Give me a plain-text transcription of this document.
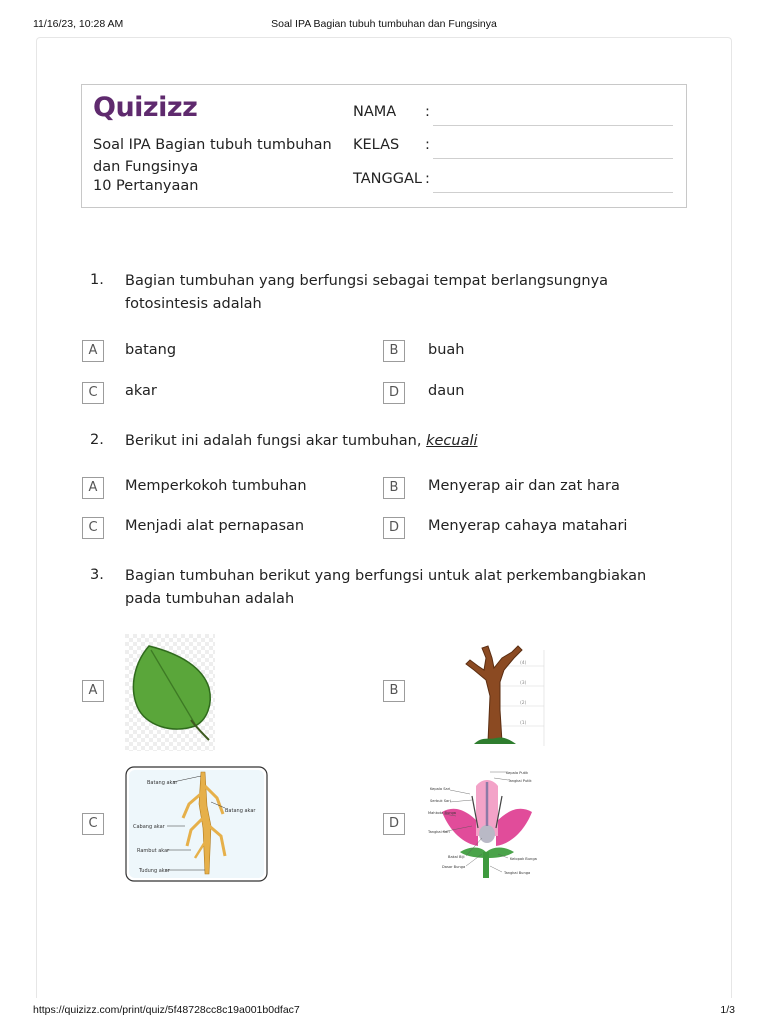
11/16/23, 10:28 AM	Soal IPA Bagian tubuh tumbuhan dan Fungsinya
Quizizz
Soal IPA Bagian tubuh tumbuhan dan Fungsinya
10 Pertanyaan
NAMA :
KELAS :
TANGGAL :
1. Bagian tumbuhan yang berfungsi sebagai tempat berlangsungnya fotosintesis adalah
A	batang	B	buah
C	akar	D	daun
2. Berikut ini adalah fungsi akar tumbuhan, kecuali
A	Memperkokoh tumbuhan	B	Menyerap air dan zat hara
C	Menjadi alat pernapasan	D	Menyerap cahaya matahari
3. Bagian tumbuhan berikut yang berfungsi untuk alat perkembangbiakan pada tumbuhan adalah
A	B
(4)
(3)
(2)
(1)
C
Batang akar
Batang akar
Cabang akar
Rambut akar
Tudung akar
D
Kepala Putik
Tangkai Putik
Kepala Sari
Serbuk Sari
Mahkota Bunga
Tangkai Sari
Bakal Biji
Dasar Bunga
Kelopak Bunga
Tangkai Bunga
https://quizizz.com/print/quiz/5f48728cc8c19a001b0dfac7	1/3
